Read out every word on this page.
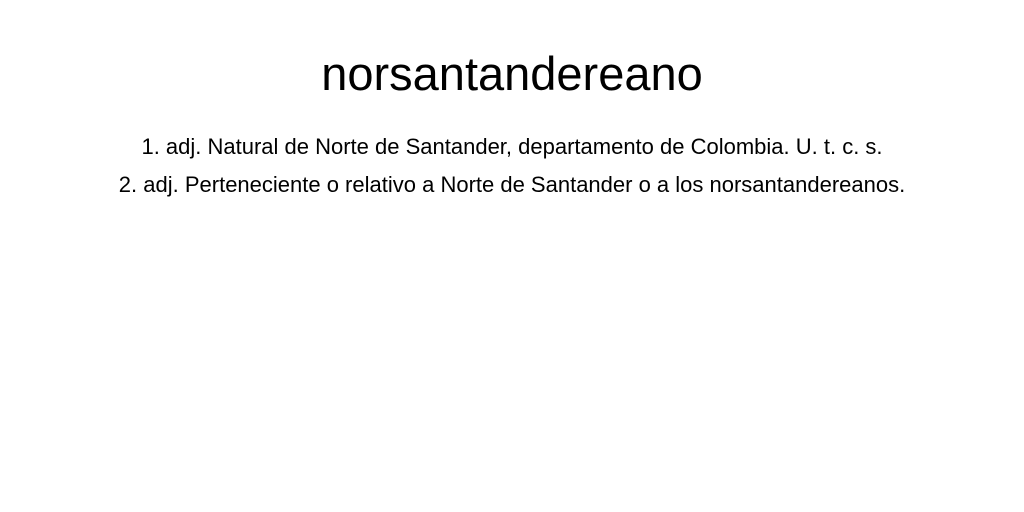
norsantandereano
1. adj. Natural de Norte de Santander, departamento de Colombia. U. t. c. s.
2. adj. Perteneciente o relativo a Norte de Santander o a los norsantandereanos.
